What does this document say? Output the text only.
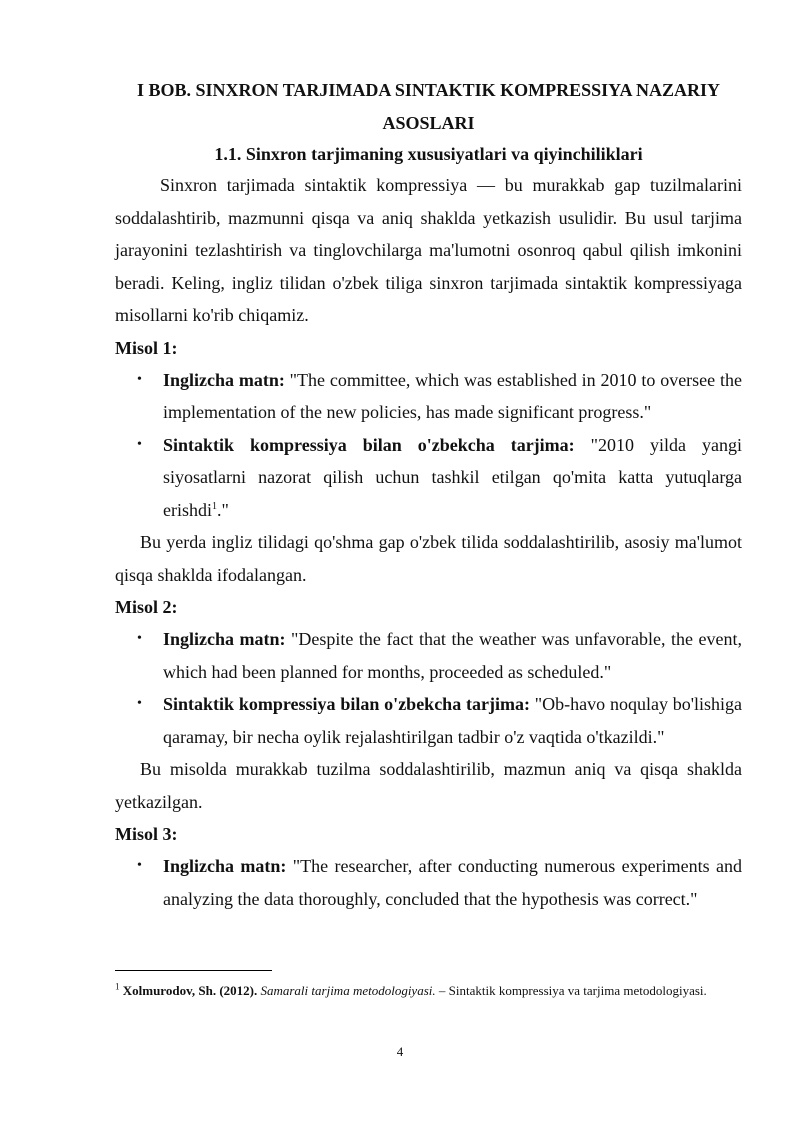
I BOB. SINXRON TARJIMADA SINTAKTIK KOMPRESSIYA NAZARIY

ASOSLARI

1.1. Sinxron tarjimaning xususiyatlari va qiyinchiliklari

Sinxron tarjimada sintaktik kompressiya — bu murakkab gap tuzilmalarini soddalashtirib, mazmunni qisqa va aniq shaklda yetkazish usulidir. Bu usul tarjima jarayonini tezlashtirish va tinglovchilarga ma'lumotni osonroq qabul qilish imkonini beradi. Keling, ingliz tilidan o'zbek tiliga sinxron tarjimada sintaktik kompressiyaga misollarni ko'rib chiqamiz.

Misol 1:

• Inglizcha matn: "The committee, which was established in 2010 to oversee the implementation of the new policies, has made significant progress."
• Sintaktik kompressiya bilan o'zbekcha tarjima: "2010 yilda yangi siyosatlarni nazorat qilish uchun tashkil etilgan qo'mita katta yutuqlarga erishdi$^1$."

Bu yerda ingliz tilidagi qo'shma gap o'zbek tilida soddalashtirilib, asosiy ma'lumot qisqa shaklda ifodalangan.

Misol 2:

• Inglizcha matn: "Despite the fact that the weather was unfavorable, the event, which had been planned for months, proceeded as scheduled."
• Sintaktik kompressiya bilan o'zbekcha tarjima: "Ob-havo noqulay bo'lishiga qaramay, bir necha oylik rejalashtirilgan tadbir o'z vaqtida o'tkazildi."

Bu misolda murakkab tuzilma soddalashtirilib, mazmun aniq va qisqa shaklda yetkazilgan.

Misol 3:

• Inglizcha matn: "The researcher, after conducting numerous experiments and analyzing the data thoroughly, concluded that the hypothesis was correct."
$^1$ Xolmurodov, Sh. (2012). Samarali tarjima metodologiyasi. – Sintaktik kompressiya va tarjima metodologiyasi.
4
